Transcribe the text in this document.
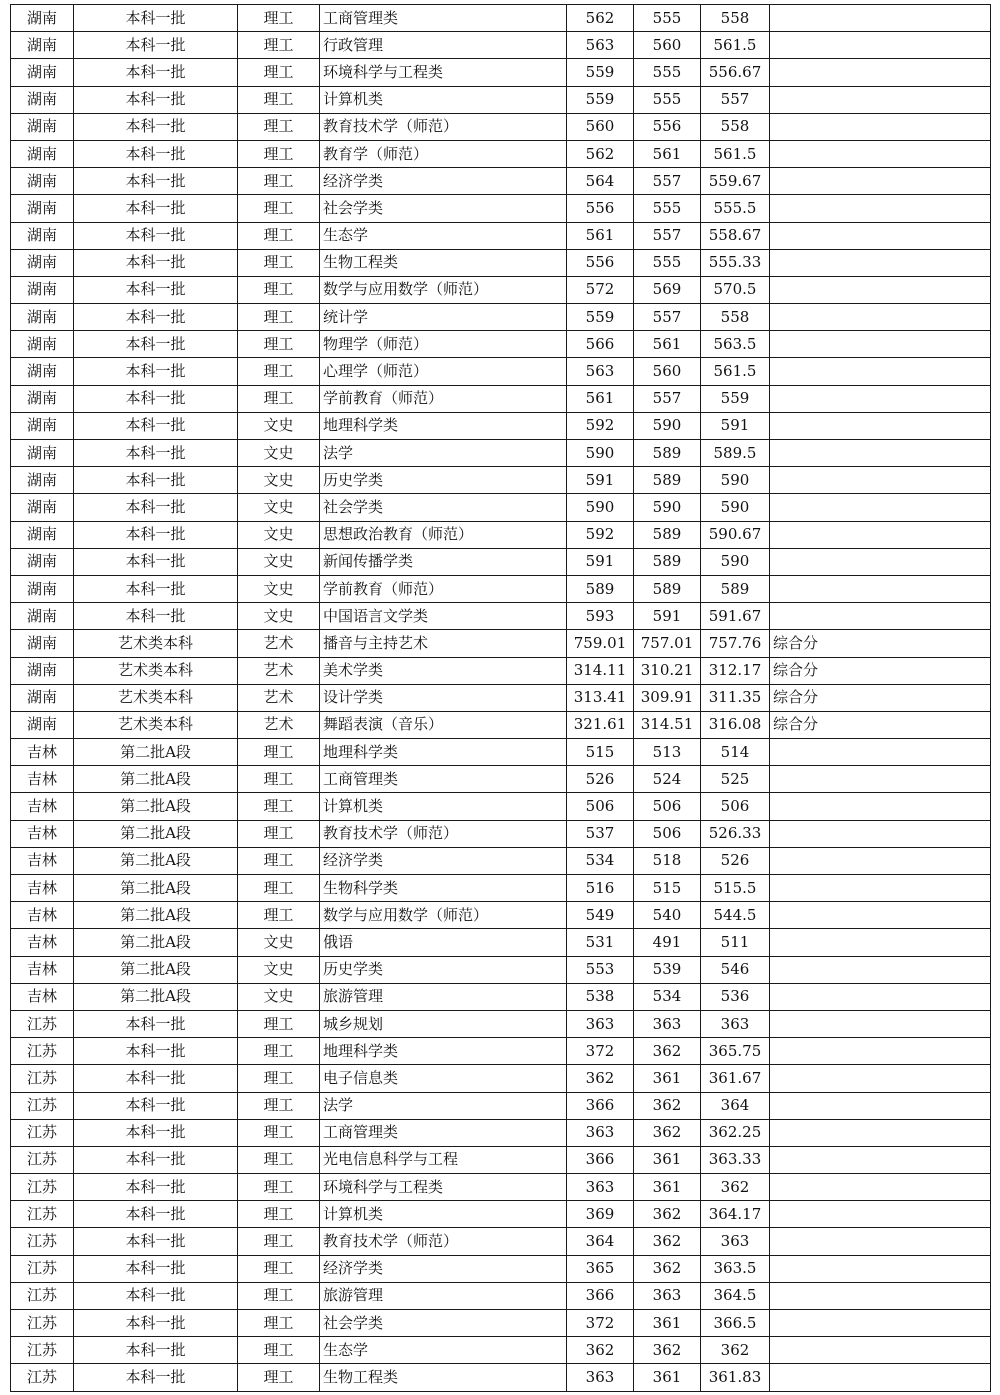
湖南	本科一批	理工	工商管理类	562	555	558	
湖南	本科一批	理工	行政管理	563	560	561.5	
湖南	本科一批	理工	环境科学与工程类	559	555	556.67	
湖南	本科一批	理工	计算机类	559	555	557	
湖南	本科一批	理工	教育技术学（师范）	560	556	558	
湖南	本科一批	理工	教育学（师范）	562	561	561.5	
湖南	本科一批	理工	经济学类	564	557	559.67	
湖南	本科一批	理工	社会学类	556	555	555.5	
湖南	本科一批	理工	生态学	561	557	558.67	
湖南	本科一批	理工	生物工程类	556	555	555.33	
湖南	本科一批	理工	数学与应用数学（师范）	572	569	570.5	
湖南	本科一批	理工	统计学	559	557	558	
湖南	本科一批	理工	物理学（师范）	566	561	563.5	
湖南	本科一批	理工	心理学（师范）	563	560	561.5	
湖南	本科一批	理工	学前教育（师范）	561	557	559	
湖南	本科一批	文史	地理科学类	592	590	591	
湖南	本科一批	文史	法学	590	589	589.5	
湖南	本科一批	文史	历史学类	591	589	590	
湖南	本科一批	文史	社会学类	590	590	590	
湖南	本科一批	文史	思想政治教育（师范）	592	589	590.67	
湖南	本科一批	文史	新闻传播学类	591	589	590	
湖南	本科一批	文史	学前教育（师范）	589	589	589	
湖南	本科一批	文史	中国语言文学类	593	591	591.67	
湖南	艺术类本科	艺术	播音与主持艺术	759.01	757.01	757.76	综合分
湖南	艺术类本科	艺术	美术学类	314.11	310.21	312.17	综合分
湖南	艺术类本科	艺术	设计学类	313.41	309.91	311.35	综合分
湖南	艺术类本科	艺术	舞蹈表演（音乐）	321.61	314.51	316.08	综合分
吉林	第二批A段	理工	地理科学类	515	513	514	
吉林	第二批A段	理工	工商管理类	526	524	525	
吉林	第二批A段	理工	计算机类	506	506	506	
吉林	第二批A段	理工	教育技术学（师范）	537	506	526.33	
吉林	第二批A段	理工	经济学类	534	518	526	
吉林	第二批A段	理工	生物科学类	516	515	515.5	
吉林	第二批A段	理工	数学与应用数学（师范）	549	540	544.5	
吉林	第二批A段	文史	俄语	531	491	511	
吉林	第二批A段	文史	历史学类	553	539	546	
吉林	第二批A段	文史	旅游管理	538	534	536	
江苏	本科一批	理工	城乡规划	363	363	363	
江苏	本科一批	理工	地理科学类	372	362	365.75	
江苏	本科一批	理工	电子信息类	362	361	361.67	
江苏	本科一批	理工	法学	366	362	364	
江苏	本科一批	理工	工商管理类	363	362	362.25	
江苏	本科一批	理工	光电信息科学与工程	366	361	363.33	
江苏	本科一批	理工	环境科学与工程类	363	361	362	
江苏	本科一批	理工	计算机类	369	362	364.17	
江苏	本科一批	理工	教育技术学（师范）	364	362	363	
江苏	本科一批	理工	经济学类	365	362	363.5	
江苏	本科一批	理工	旅游管理	366	363	364.5	
江苏	本科一批	理工	社会学类	372	361	366.5	
江苏	本科一批	理工	生态学	362	362	362	
江苏	本科一批	理工	生物工程类	363	361	361.83	
